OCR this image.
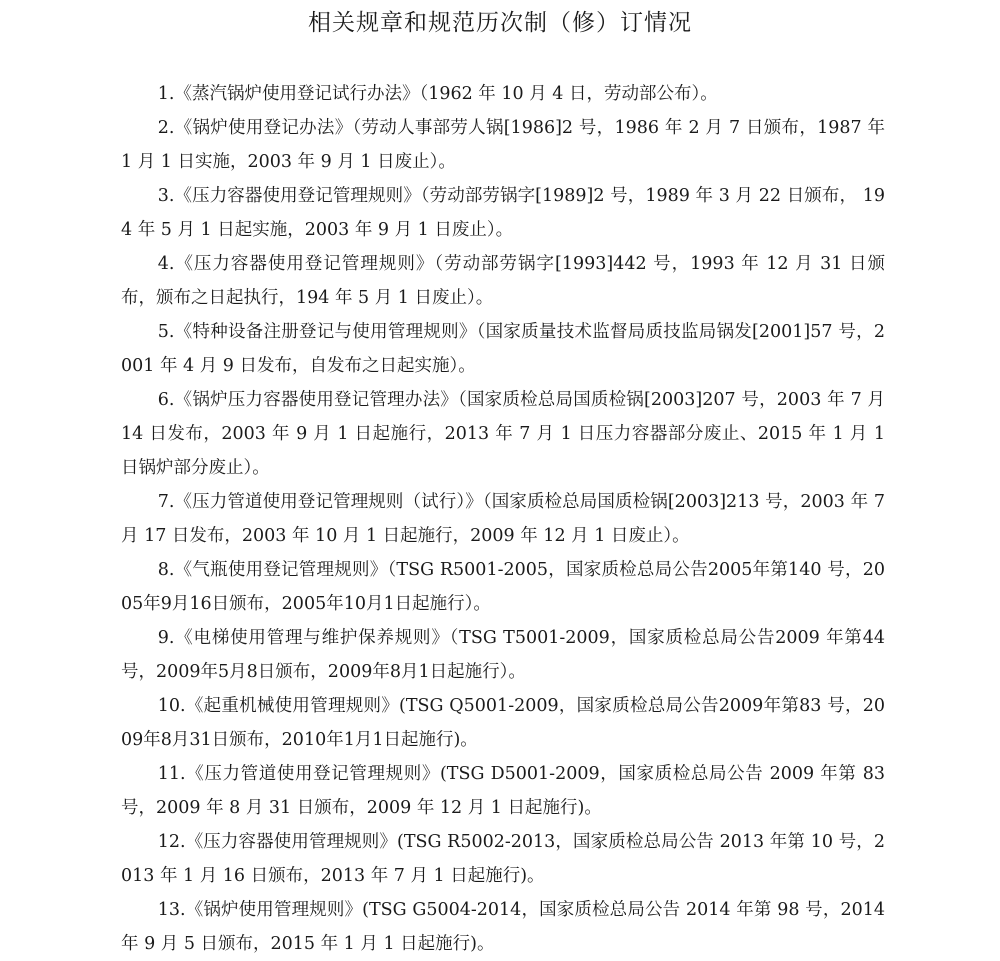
相关规章和规范历次制（修）订情况
1.《蒸汽锅炉使用登记试行办法》（1962 年 10 月 4 日，劳动部公布）。
2.《锅炉使用登记办法》（劳动人事部劳人锅[1986]2 号，1986 年 2 月 7 日颁布，1987 年 1 月 1 日实施，2003 年 9 月 1 日废止）。
3.《压力容器使用登记管理规则》（劳动部劳锅字[1989]2 号，1989 年 3 月 22 日颁布， 194 年 5 月 1 日起实施，2003 年 9 月 1 日废止）。
4.《压力容器使用登记管理规则》（劳动部劳锅字[1993]442 号，1993 年 12 月 31 日颁布，颁布之日起执行，194 年 5 月 1 日废止）。
5.《特种设备注册登记与使用管理规则》（国家质量技术监督局质技监局锅发[2001]57 号，2001 年 4 月 9 日发布，自发布之日起实施）。
6.《锅炉压力容器使用登记管理办法》（国家质检总局国质检锅[2003]207 号，2003 年 7 月 14 日发布，2003 年 9 月 1 日起施行，2013 年 7 月 1 日压力容器部分废止、2015 年 1 月 1 日锅炉部分废止）。
7.《压力管道使用登记管理规则（试行）》（国家质检总局国质检锅[2003]213 号，2003 年 7 月 17 日发布，2003 年 10 月 1 日起施行，2009 年 12 月 1 日废止）。
8.《气瓶使用登记管理规则》（TSG R5001-2005，国家质检总局公告2005年第140 号，2005年9月16日颁布，2005年10月1日起施行）。
9.《电梯使用管理与维护保养规则》（TSG T5001-2009，国家质检总局公告2009 年第44号，2009年5月8日颁布，2009年8月1日起施行）。
10.《起重机械使用管理规则》(TSG Q5001-2009，国家质检总局公告2009年第83 号，2009年8月31日颁布，2010年1月1日起施行)。
11.《压力管道使用登记管理规则》(TSG D5001-2009，国家质检总局公告 2009 年第 83 号，2009 年 8 月 31 日颁布，2009 年 12 月 1 日起施行)。
12.《压力容器使用管理规则》(TSG R5002-2013，国家质检总局公告 2013 年第 10 号，2013 年 1 月 16 日颁布，2013 年 7 月 1 日起施行)。
13.《锅炉使用管理规则》(TSG G5004-2014，国家质检总局公告 2014 年第 98 号，2014 年 9 月 5 日颁布，2015 年 1 月 1 日起施行)。
